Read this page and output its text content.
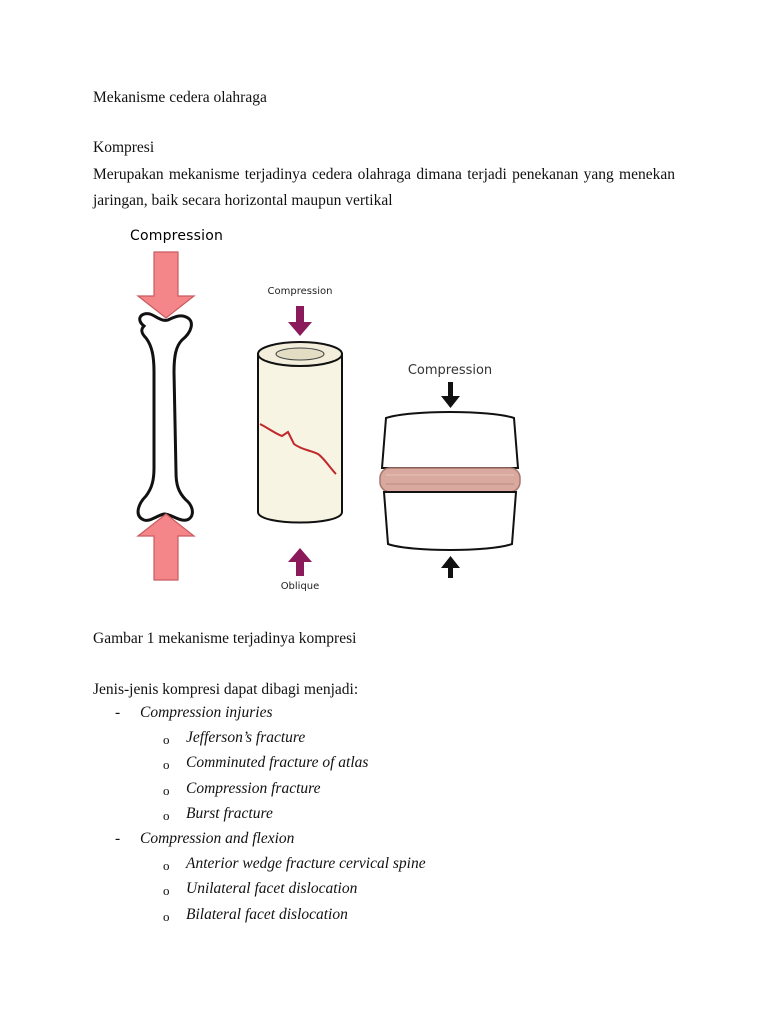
Mekanisme cedera olahraga
Kompresi
Merupakan mekanisme terjadinya cedera olahraga dimana terjadi penekanan yang menekan jaringan, baik secara horizontal maupun vertikal
Compression
Compression
Oblique
Compression
Gambar 1 mekanisme terjadinya kompresi
Jenis-jenis kompresi dapat dibagi menjadi:
- Compression injuries
o Jefferson’s fracture
o Comminuted fracture of atlas
o Compression fracture
o Burst fracture
- Compression and flexion
o Anterior wedge fracture cervical spine
o Unilateral facet dislocation
o Bilateral facet dislocation
